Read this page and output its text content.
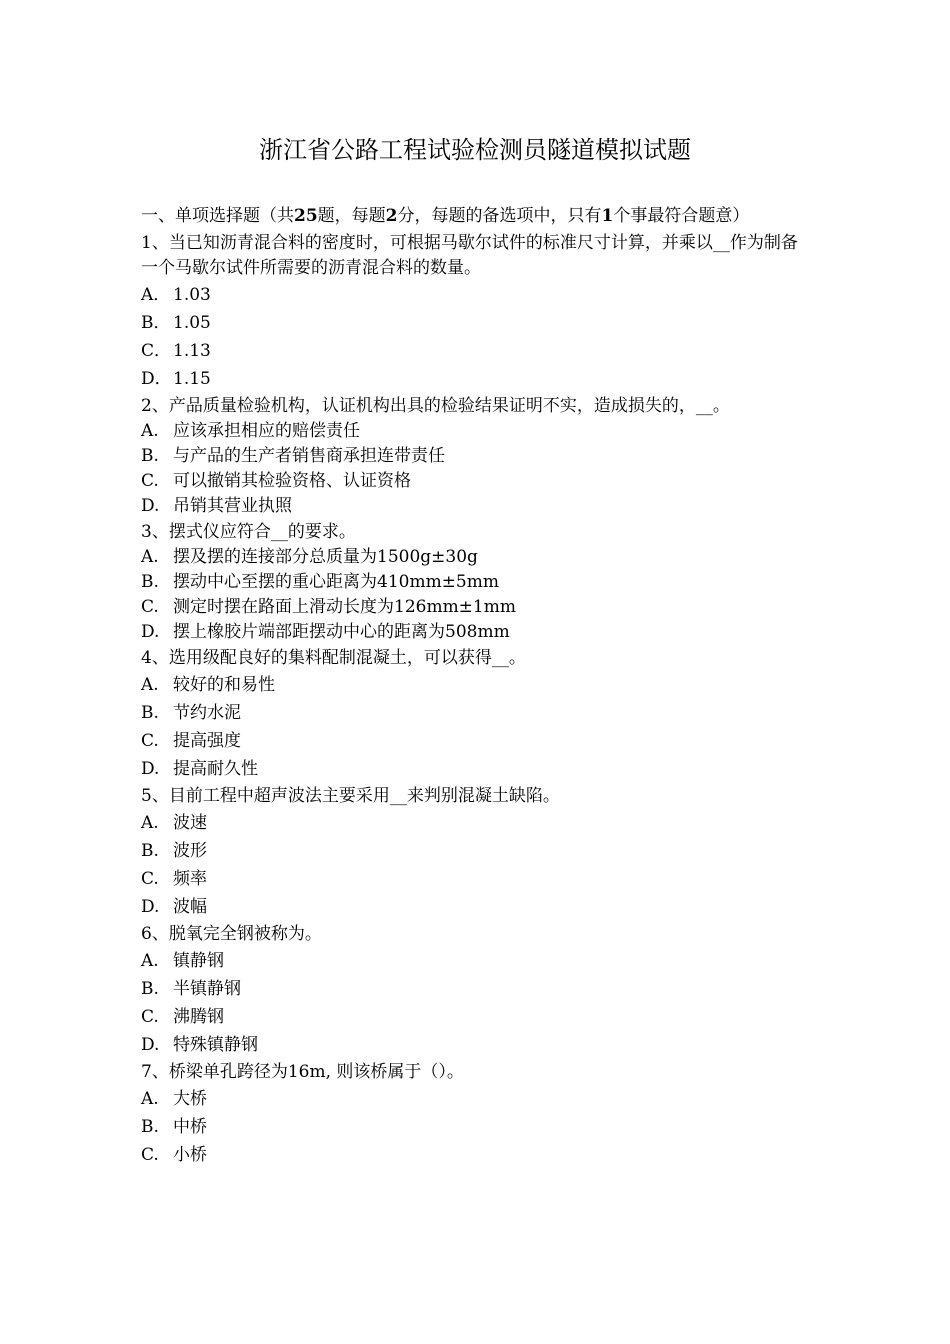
浙江省公路工程试验检测员隧道模拟试题

一、单项选择题（共25题，每题2分，每题的备选项中，只有1个事最符合题意）

1、当已知沥青混合料的密度时，可根据马歇尔试件的标准尺寸计算，并乘以__作为制备一个马歇尔试件所需要的沥青混合料的数量。

A． 1.03
B． 1.05
C． 1.13
D． 1.15

2、产品质量检验机构，认证机构出具的检验结果证明不实，造成损失的，__。

A. 应该承担相应的赔偿责任
B. 与产品的生产者销售商承担连带责任
C. 可以撤销其检验资格、认证资格
D. 吊销其营业执照

3、摆式仪应符合__的要求。

A. 摆及摆的连接部分总质量为1500g±30g
B. 摆动中心至摆的重心距离为410mm±5mm
C. 测定时摆在路面上滑动长度为126mm±1mm
D. 摆上橡胶片端部距摆动中心的距离为508mm

4、选用级配良好的集料配制混凝土，可以获得__。

A. 较好的和易性
B. 节约水泥
C. 提高强度
D. 提高耐久性

5、目前工程中超声波法主要采用__来判别混凝土缺陷。

A. 波速
B. 波形
C. 频率
D. 波幅

6、脱氧完全钢被称为。

A. 镇静钢
B. 半镇静钢
C. 沸腾钢
D. 特殊镇静钢

7、桥梁单孔跨径为16m, 则该桥属于（）。

A. 大桥
B. 中桥
C. 小桥
